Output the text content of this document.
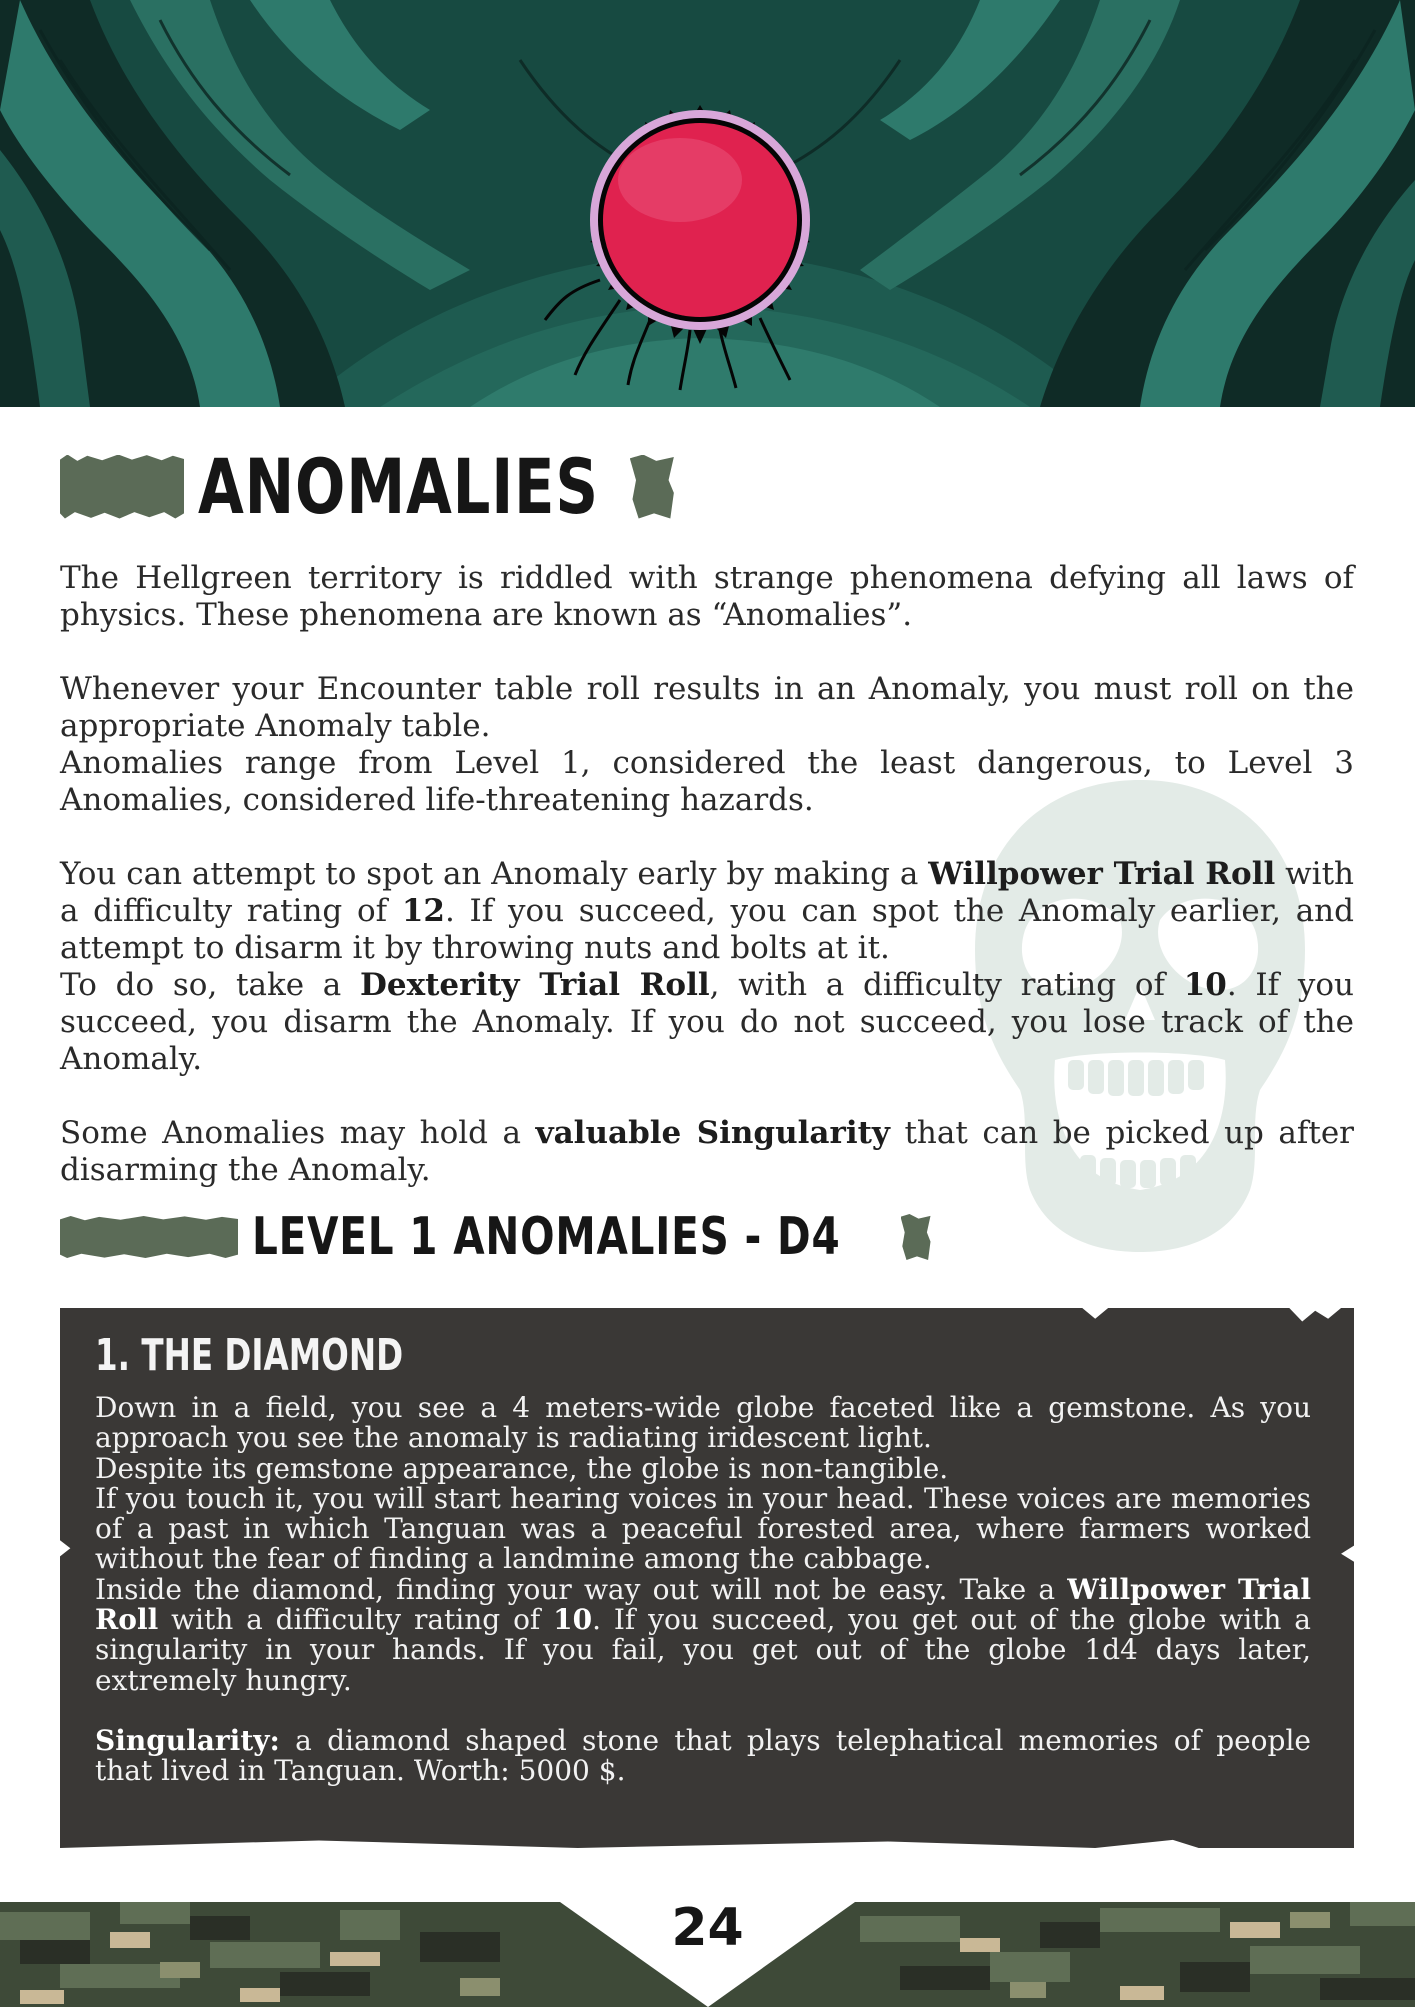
ANOMALIES

The Hellgreen territory is riddled with strange phenomena defying all laws of physics. These phenomena are known as “Anomalies”.

Whenever your Encounter table roll results in an Anomaly, you must roll on the appropriate Anomaly table.

Anomalies range from Level 1, considered the least dangerous, to Level 3 Anomalies, considered life-threatening hazards.

You can attempt to spot an Anomaly early by making a Willpower Trial Roll with a difficulty rating of 12. If you succeed, you can spot the Anomaly earlier, and attempt to disarm it by throwing nuts and bolts at it.

To do so, take a Dexterity Trial Roll, with a difficulty rating of 10. If you succeed, you disarm the Anomaly. If you do not succeed, you lose track of the Anomaly.

Some Anomalies may hold a valuable Singularity that can be picked up after disarming the Anomaly.

LEVEL 1 ANOMALIES - D4
1. THE DIAMOND

Down in a field, you see a 4 meters-wide globe faceted like a gemstone. As you approach you see the anomaly is radiating iridescent light.

Despite its gemstone appearance, the globe is non-tangible.

If you touch it, you will start hearing voices in your head. These voices are memories of a past in which Tanguan was a peaceful forested area, where farmers worked without the fear of finding a landmine among the cabbage.

Inside the diamond, finding your way out will not be easy. Take a Willpower Trial Roll with a difficulty rating of 10. If you succeed, you get out of the globe with a singularity in your hands. If you fail, you get out of the globe 1d4 days later, extremely hungry.

Singularity: a diamond shaped stone that plays telephatical memories of people that lived in Tanguan. Worth: 5000 $.

24
